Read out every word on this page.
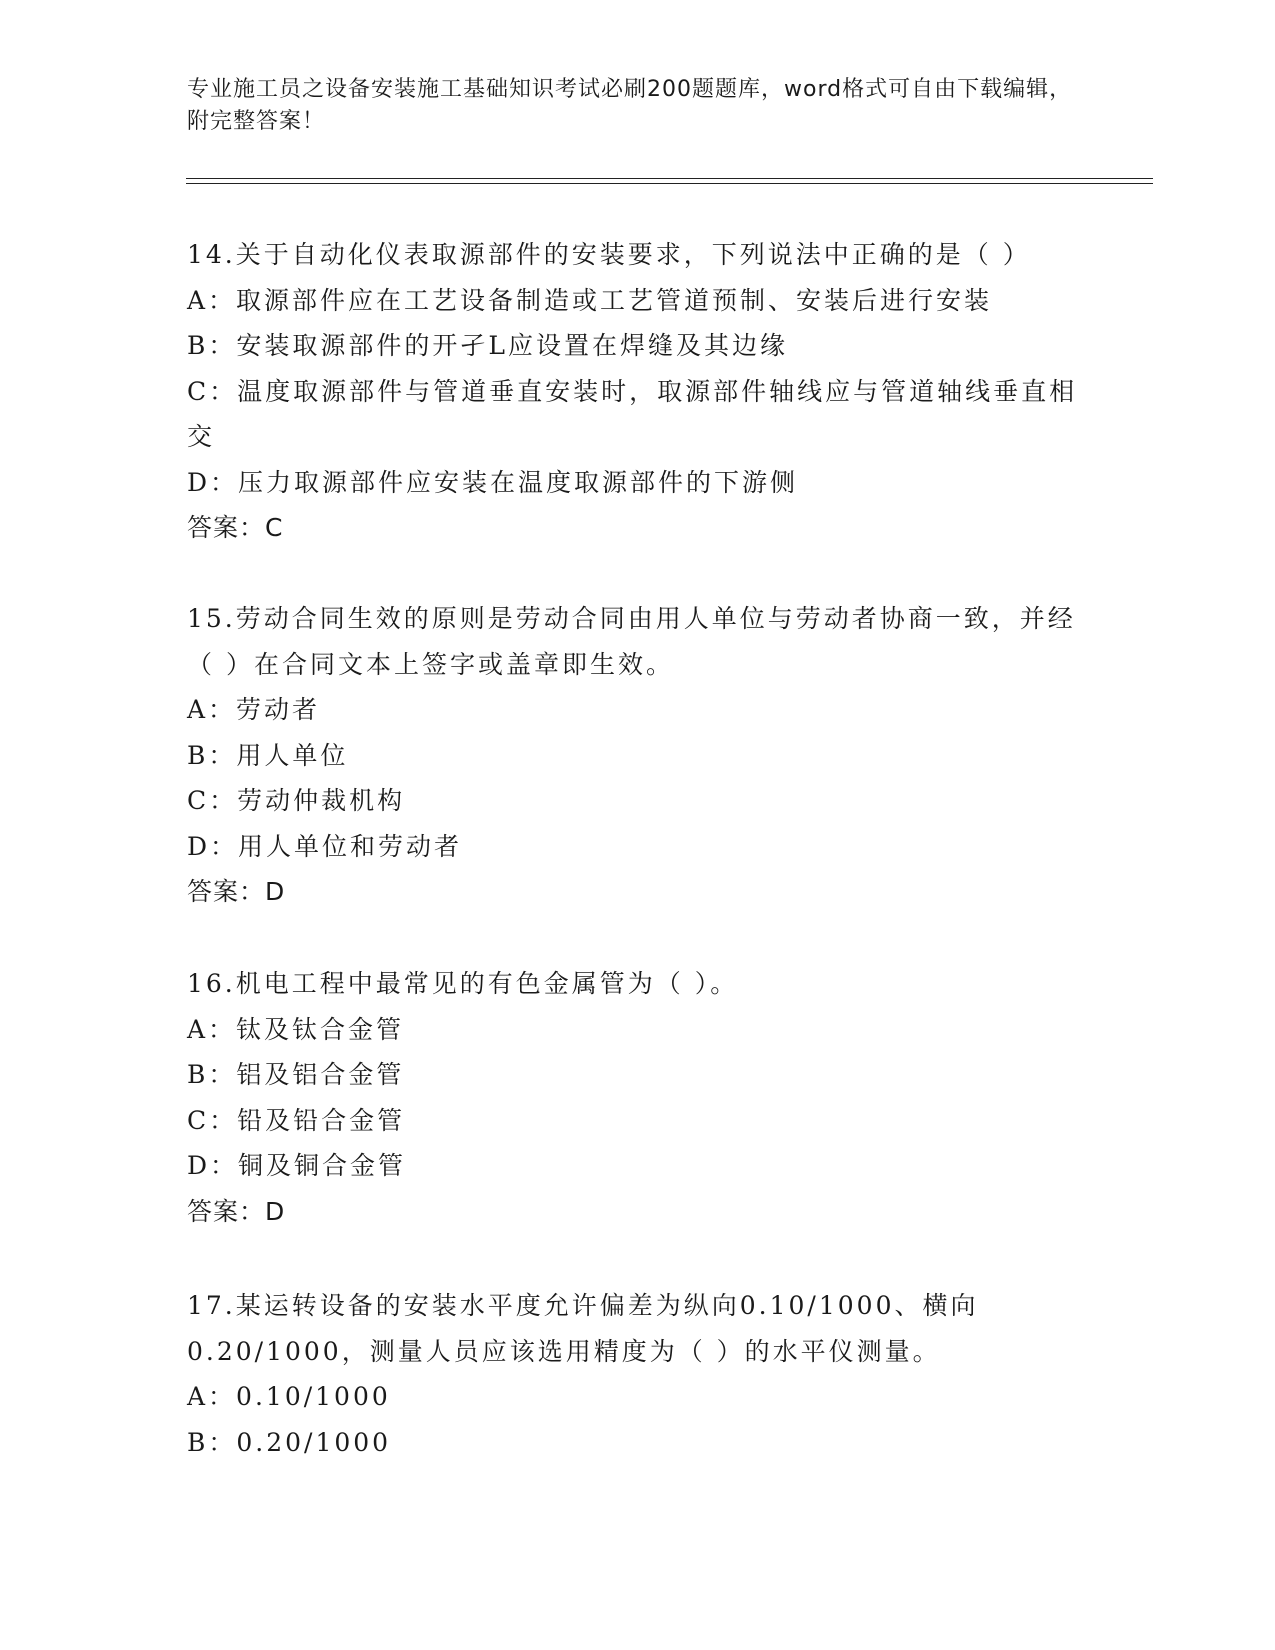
专业施工员之设备安装施工基础知识考试必刷200题题库，word格式可自由下载编辑，附完整答案！

14.关于自动化仪表取源部件的安装要求，下列说法中正确的是（ ）

A：取源部件应在工艺设备制造或工艺管道预制、安装后进行安装

B：安装取源部件的开孑L应设置在焊缝及其边缘

C：温度取源部件与管道垂直安装时，取源部件轴线应与管道轴线垂直相交

D：压力取源部件应安装在温度取源部件的下游侧

答案：C

15.劳动合同生效的原则是劳动合同由用人单位与劳动者协商一致，并经（ ）在合同文本上签字或盖章即生效。

A：劳动者

B：用人单位

C：劳动仲裁机构

D：用人单位和劳动者

答案：D

16.机电工程中最常见的有色金属管为（ ）。

A：钛及钛合金管

B：铝及铝合金管

C：铅及铅合金管

D：铜及铜合金管

答案：D

17.某运转设备的安装水平度允许偏差为纵向0.10/1000、横向0.20/1000，测量人员应该选用精度为（ ）的水平仪测量。

A：0.10/1000

B：0.20/1000
